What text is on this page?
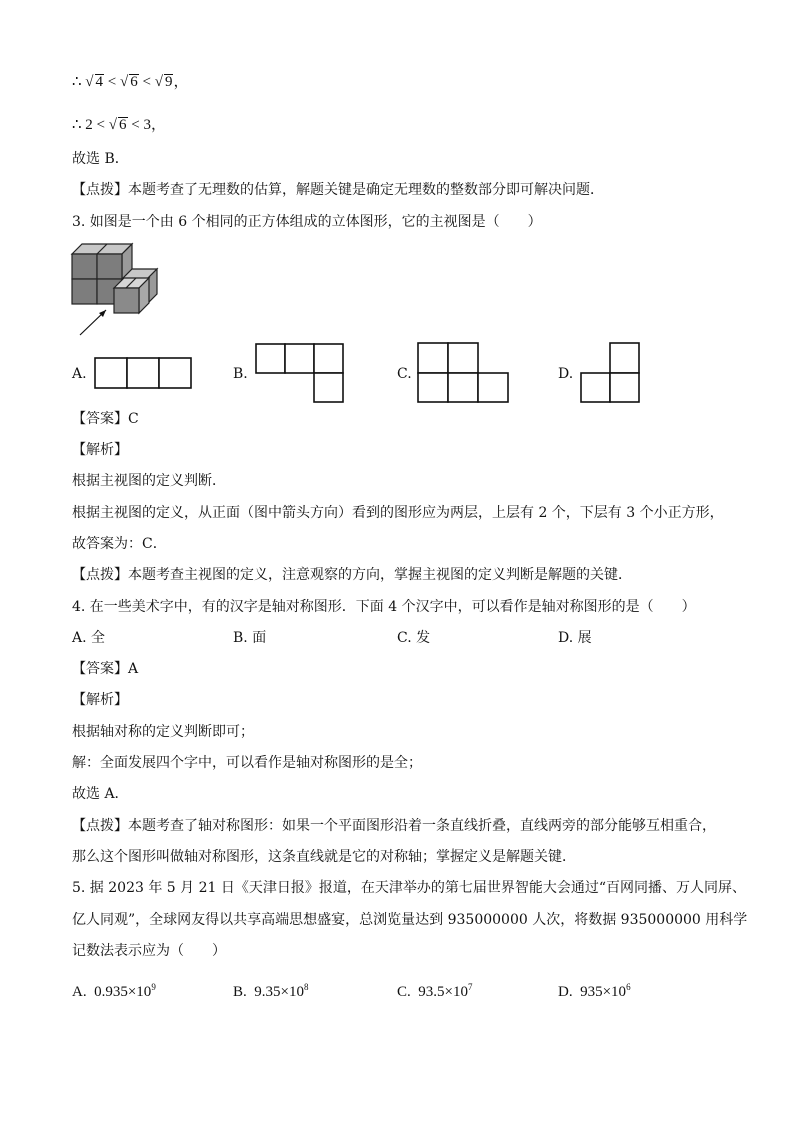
∴ √ 4 < √ 6 < √ 9，
∴ 2 < √ 6 < 3，
故选 B．
【点拨】本题考查了无理数的估算，解题关键是确定无理数的整数部分即可解决问题．
3. 如图是一个由 6 个相同的正方体组成的立体图形，它的主视图是（　　）
A.	B.	C.	D.
【答案】C
【解析】
根据主视图的定义判断．
根据主视图的定义，从正面（图中箭头方向）看到的图形应为两层，上层有 2 个，下层有 3 个小正方形，
故答案为：C．
【点拨】本题考查主视图的定义，注意观察的方向，掌握主视图的定义判断是解题的关键．
4. 在一些美术字中，有的汉字是轴对称图形．下面 4 个汉字中，可以看作是轴对称图形的是（　　）
A. 全	B. 面	C. 发	D. 展
【答案】A
【解析】
根据轴对称的定义判断即可；
解：全面发展四个字中，可以看作是轴对称图形的是全；
故选 A．
【点拨】本题考查了轴对称图形：如果一个平面图形沿着一条直线折叠，直线两旁的部分能够互相重合，
那么这个图形叫做轴对称图形，这条直线就是它的对称轴；掌握定义是解题关键．
5. 据 2023 年 5 月 21 日《天津日报》报道，在天津举办的第七届世界智能大会通过“百网同播、万人同屏、
亿人同观”，全球网友得以共享高端思想盛宴，总浏览量达到 935000000 人次，将数据 935000000 用科学
记数法表示应为（　　）
A. $0.935\times 10^9$	B. $9.35\times 10^8$	C. $93.5\times 10^7$	D. $935\times 10^6$
